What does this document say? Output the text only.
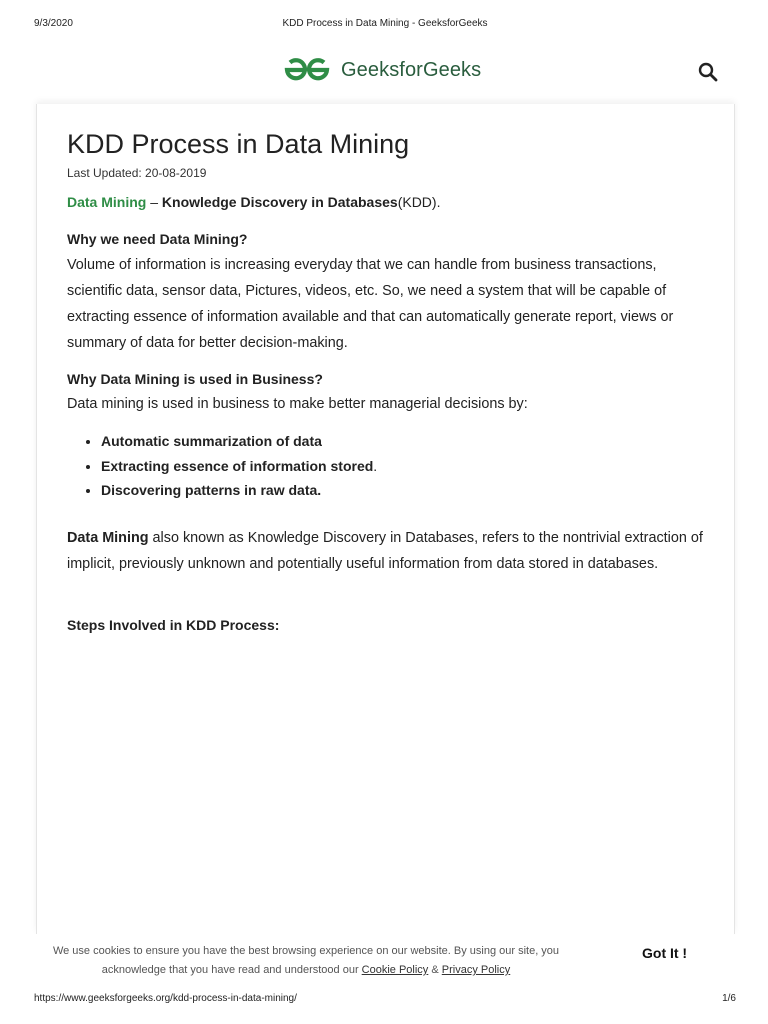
9/3/2020	KDD Process in Data Mining - GeeksforGeeks
GeeksforGeeks
KDD Process in Data Mining
Last Updated: 20-08-2019
Data Mining – Knowledge Discovery in Databases(KDD).
Why we need Data Mining?

Volume of information is increasing everyday that we can handle from business transactions, scientific data, sensor data, Pictures, videos, etc. So, we need a system that will be capable of extracting essence of information available and that can automatically generate report, views or summary of data for better decision-making.

Why Data Mining is used in Business?
Data mining is used in business to make better managerial decisions by:
• Automatic summarization of data
• Extracting essence of information stored.
• Discovering patterns in raw data.

Data Mining also known as Knowledge Discovery in Databases, refers to the nontrivial extraction of implicit, previously unknown and potentially useful information from data stored in databases.

Steps Involved in KDD Process:
We use cookies to ensure you have the best browsing experience on our website. By using our site, you acknowledge that you have read and understood our Cookie Policy & Privacy Policy
Got It !
https://www.geeksforgeeks.org/kdd-process-in-data-mining/	1/6
